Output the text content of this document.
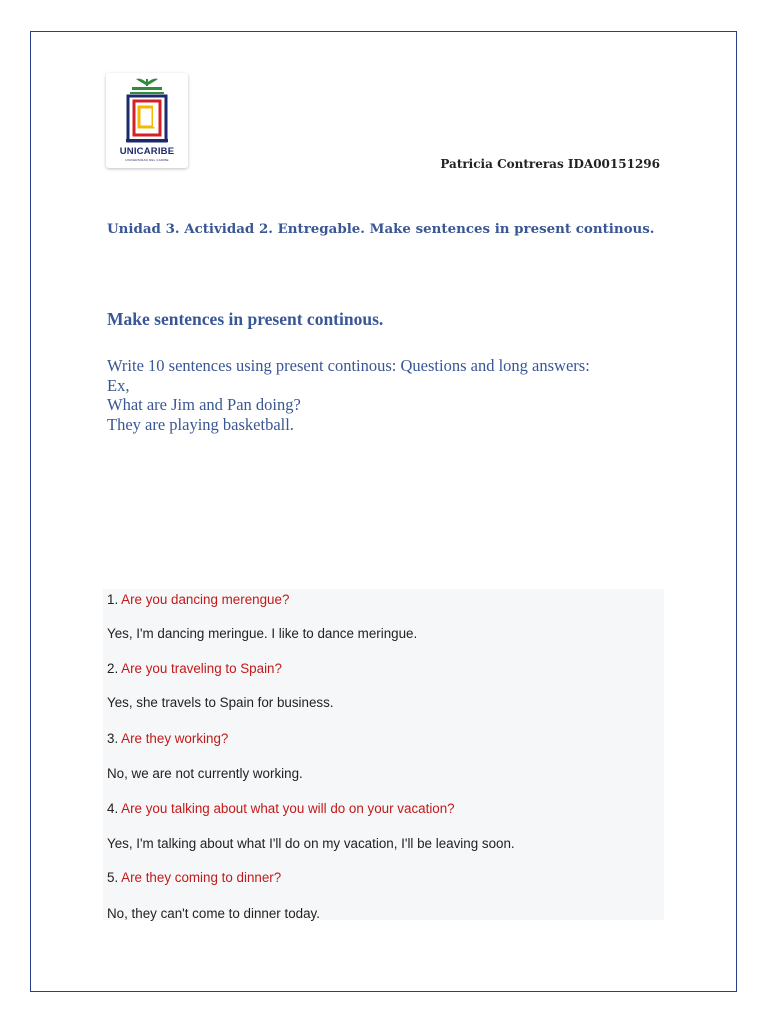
UNICARIBE
UNIVERSIDAD DEL CARIBE	Patricia Contreras IDA00151296
Unidad 3. Actividad 2. Entregable. Make sentences in present continous.
Make sentences in present continous.
Write 10 sentences using present continous: Questions and long answers:
Ex,
What are Jim and Pan doing?
They are playing basketball.
1. Are you dancing merengue?
Yes, I'm dancing meringue. I like to dance meringue.
2. Are you traveling to Spain?
Yes, she travels to Spain for business.
3. Are they working?
No, we are not currently working.
4. Are you talking about what you will do on your vacation?
Yes, I'm talking about what I'll do on my vacation, I'll be leaving soon.
5. Are they coming to dinner?
No, they can't come to dinner today.
